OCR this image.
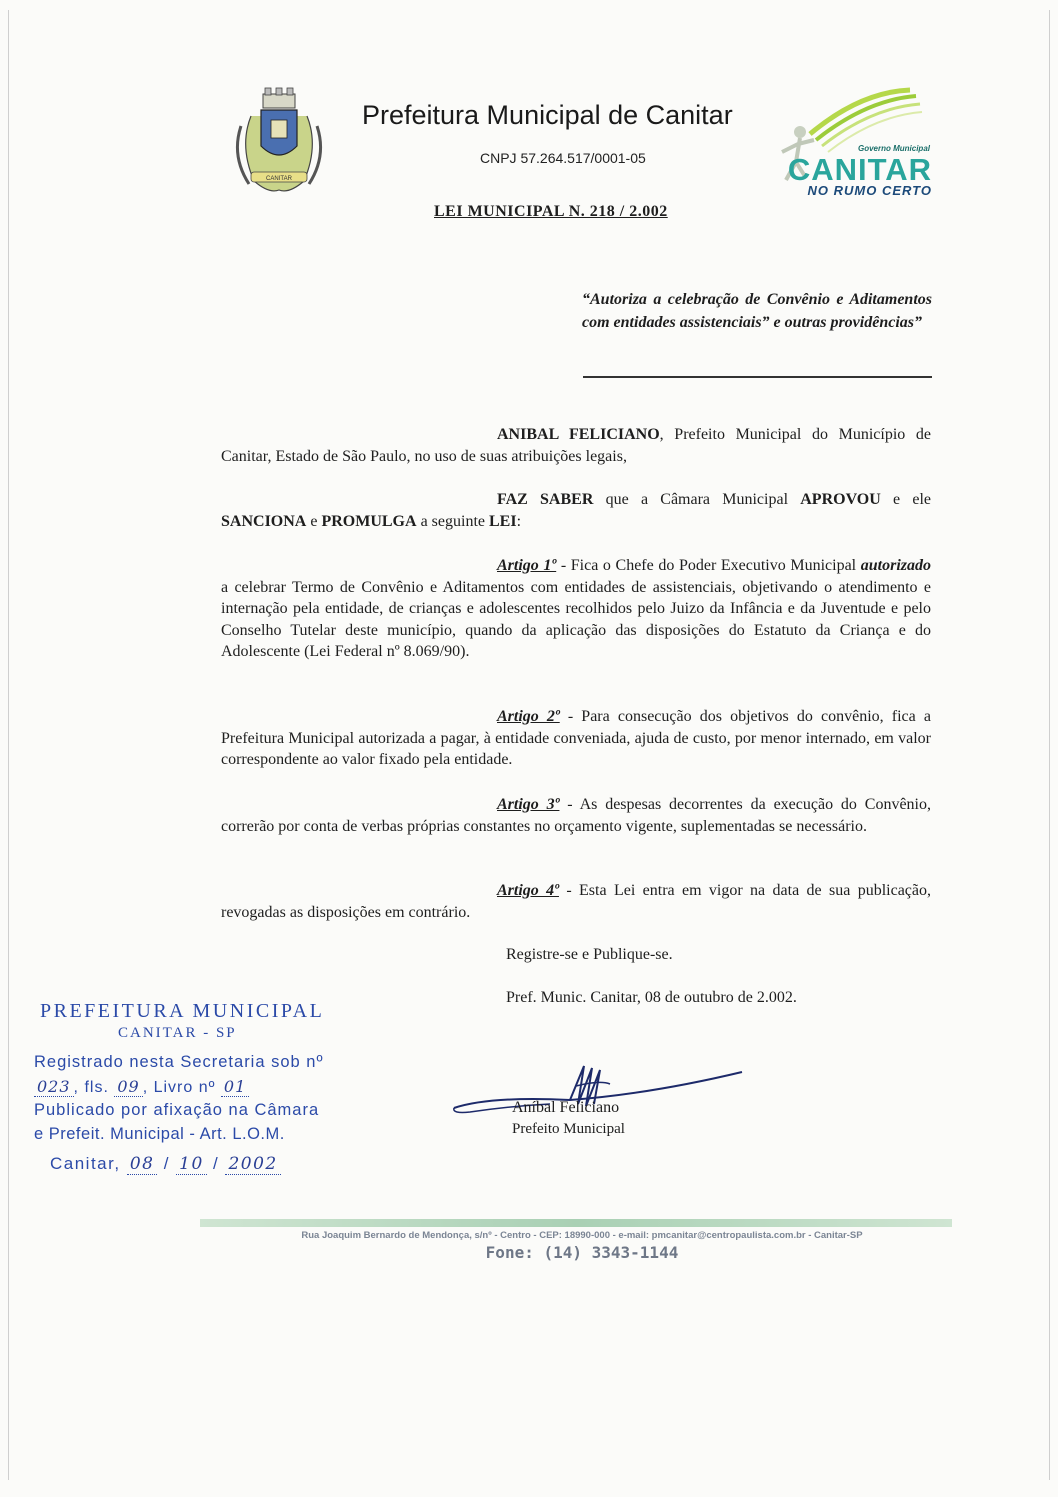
CANITAR
Prefeitura Municipal de Canitar
CNPJ 57.264.517/0001-05
Governo Municipal
CANITAR
NO RUMO CERTO
LEI MUNICIPAL N. 218 / 2.002
“Autoriza a celebração de Convênio e Aditamentos com entidades assistenciais” e outras providências”
ANIBAL FELICIANO, Prefeito Municipal do Município de Canitar, Estado de São Paulo, no uso de suas atribuições legais,
FAZ SABER que a Câmara Municipal APROVOU e ele SANCIONA e PROMULGA a seguinte LEI:
Artigo 1º - Fica o Chefe do Poder Executivo Municipal autorizado a celebrar Termo de Convênio e Aditamentos com entidades de assistenciais, objetivando o atendimento e internação pela entidade, de crianças e adolescentes recolhidos pelo Juizo da Infância e da Juventude e pelo Conselho Tutelar deste município, quando da aplicação das disposições do Estatuto da Criança e do Adolescente (Lei Federal nº 8.069/90).
Artigo 2º - Para consecução dos objetivos do convênio, fica a Prefeitura Municipal autorizada a pagar, à entidade conveniada, ajuda de custo, por menor internado, em valor correspondente ao valor fixado pela entidade.
Artigo 3º - As despesas decorrentes da execução do Convênio, correrão por conta de verbas próprias constantes no orçamento vigente, suplementadas se necessário.
Artigo 4º - Esta Lei entra em vigor na data de sua publicação, revogadas as disposições em contrário.
Registre-se e Publique-se.
Pref. Munic. Canitar, 08 de outubro de 2.002.
PREFEITURA MUNICIPAL
CANITAR - SP
Registrado nesta Secretaria sob nº
023 , fls. 09 , Livro nº 01
Publicado por afixação na Câmara
e Prefeit. Municipal - Art. L.O.M.
Canitar, 08 / 10 / 2002
Aníbal Feliciano
Prefeito Municipal
Rua Joaquim Bernardo de Mendonça, s/nº - Centro - CEP: 18990-000 - e-mail: pmcanitar@centropaulista.com.br - Canitar-SP
Fone: (14) 3343-1144
